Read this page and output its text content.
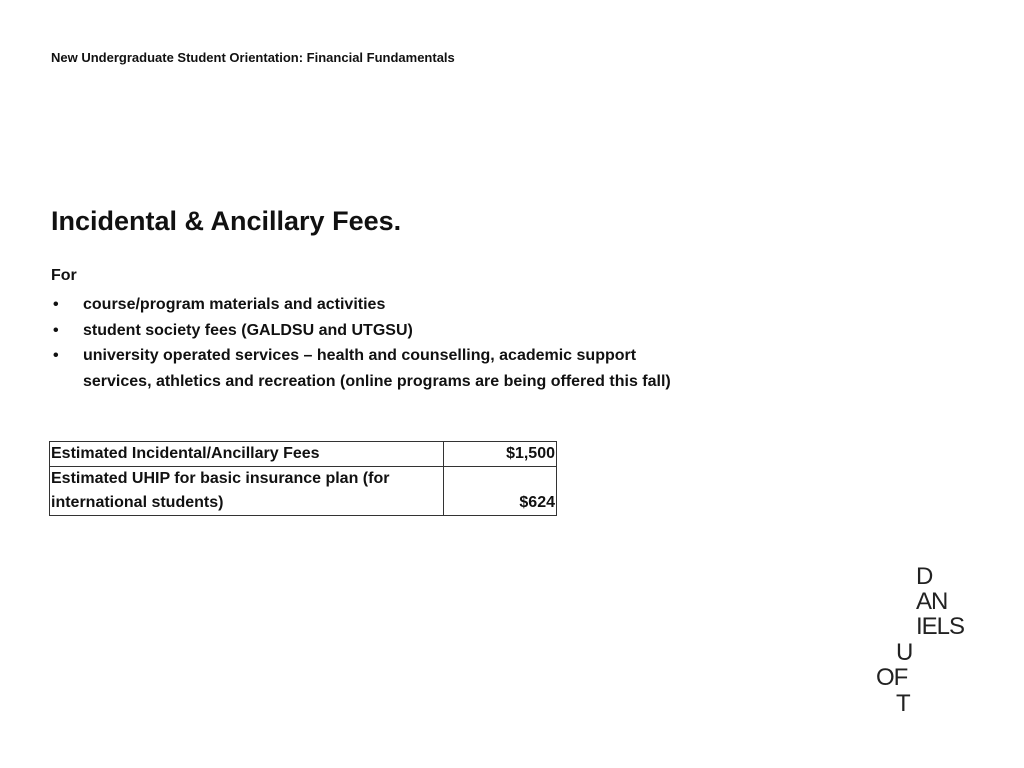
New Undergraduate Student Orientation: Financial Fundamentals
Incidental & Ancillary Fees.
For
• course/program materials and activities
• student society fees (GALDSU and UTGSU)
• university operated services – health and counselling, academic support services, athletics and recreation (online programs are being offered this fall)
Estimated Incidental/Ancillary Fees	$1,500
Estimated UHIP for basic insurance plan (for international students)	$624
D
AN
IELS
U
OF
T
